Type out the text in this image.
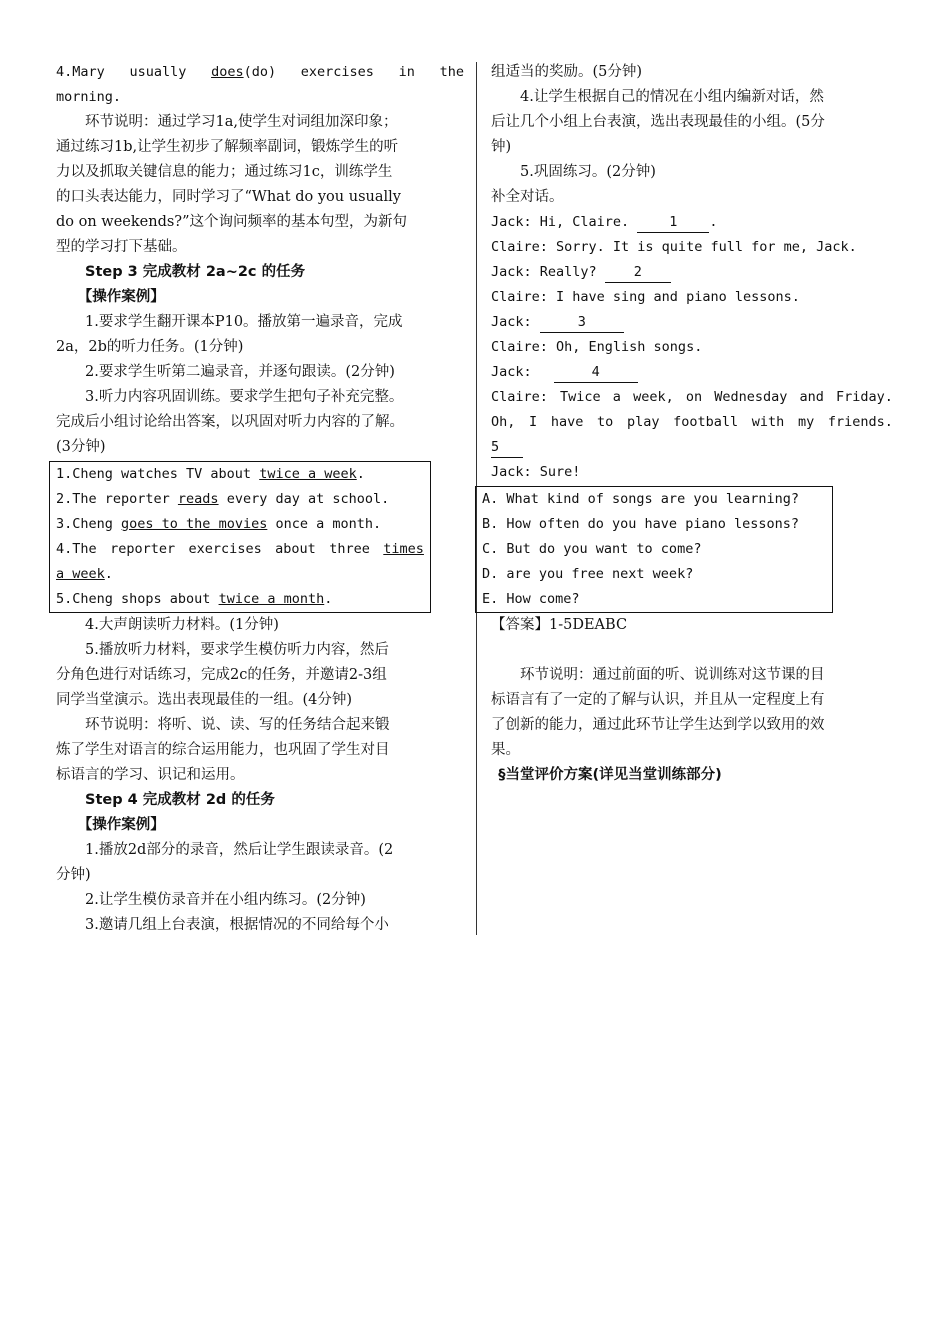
4.Mary usually does(do) exercises in the

morning.

环节说明：通过学习1a,使学生对词组加深印象；

通过练习1b,让学生初步了解频率副词，锻炼学生的听

力以及抓取关键信息的能力；通过练习1c，训练学生

的口头表达能力，同时学习了“What do you usually

do on weekends?”这个询问频率的基本句型，为新句

型的学习打下基础。

Step 3 完成教材 2a~2c 的任务

【操作案例】

1.要求学生翻开课本P10。播放第一遍录音，完成

2a，2b的听力任务。(1分钟)

2.要求学生听第二遍录音，并逐句跟读。(2分钟)

3.听力内容巩固训练。要求学生把句子补充完整。

完成后小组讨论给出答案，以巩固对听力内容的了解。

(3分钟)

1.Cheng watches TV about twice a week.

2.The reporter reads every day at school.

3.Cheng goes to the movies once a month.

4.The reporter exercises about three times

a week.

5.Cheng shops about twice a month.

4.大声朗读听力材料。(1分钟)

5.播放听力材料，要求学生模仿听力内容，然后

分角色进行对话练习，完成2c的任务，并邀请2-3组

同学当堂演示。选出表现最佳的一组。(4分钟)

环节说明：将听、说、读、写的任务结合起来锻

炼了学生对语言的综合运用能力，也巩固了学生对目

标语言的学习、识记和运用。

Step 4 完成教材 2d 的任务

【操作案例】

1.播放2d部分的录音，然后让学生跟读录音。(2

分钟)

2.让学生模仿录音并在小组内练习。(2分钟)

3.邀请几组上台表演，根据情况的不同给每个小

组适当的奖励。(5分钟)

4.让学生根据自己的情况在小组内编新对话，然

后让几个小组上台表演，选出表现最佳的小组。(5分

钟)

5.巩固练习。(2分钟)

补全对话。

Jack: Hi, Claire. 1 .

Claire: Sorry. It is quite full for me, Jack.

Jack: Really? 2

Claire: I have sing and piano lessons.

Jack:	3

Claire: Oh, English songs.

Jack:	4

Claire: Twice a week, on Wednesday and Friday.

Oh, I have to play football with my friends.

5

Jack: Sure!

A. What kind of songs are you learning?

B. How often do you have piano lessons?

C. But do you want to come?

D. are you free next week?

E. How come?

【答案】1-5DEABC

环节说明：通过前面的听、说训练对这节课的目

标语言有了一定的了解与认识，并且从一定程度上有

了创新的能力，通过此环节让学生达到学以致用的效

果。

§当堂评价方案(详见当堂训练部分)
